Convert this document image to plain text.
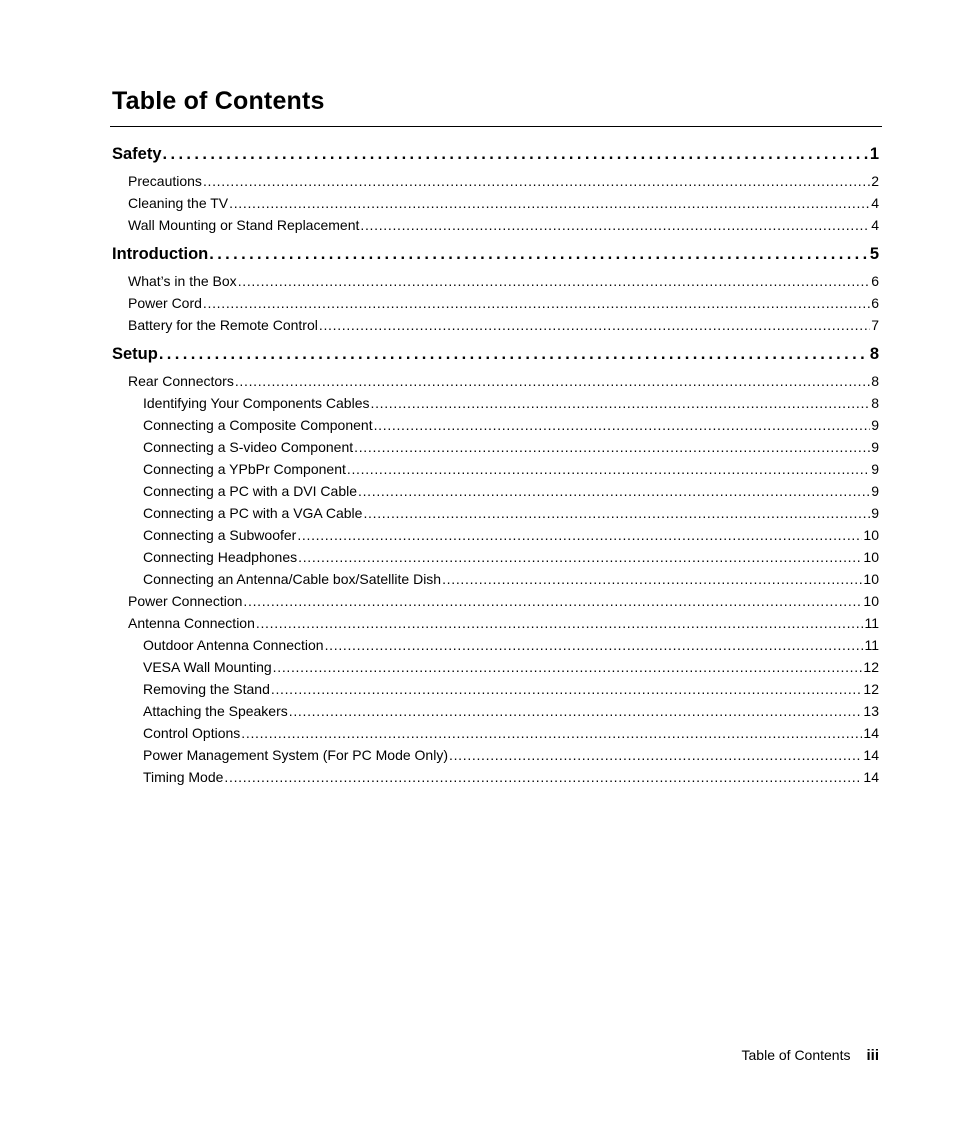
Table of Contents
Safety . . .	1
Precautions . . .	2
Cleaning the TV . . .	4
Wall Mounting or Stand Replacement . . .	4
Introduction . . .	5
What’s in the Box . . .	6
Power Cord . . .	6
Battery for the Remote Control . . .	7
Setup . . .	8
Rear Connectors . . .	8
Identifying Your Components Cables . . .	8
Connecting a Composite Component . . .	9
Connecting a S-video Component . . .	9
Connecting a YPbPr Component . . .	9
Connecting a PC with a DVI Cable . . .	9
Connecting a PC with a VGA Cable . . .	9
Connecting a Subwoofer . . .	10
Connecting Headphones . . .	10
Connecting an Antenna/Cable box/Satellite Dish . . .	10
Power Connection . . .	10
Antenna Connection . . .	11
Outdoor Antenna Connection . . .	11
VESA Wall Mounting . . .	12
Removing the Stand . . .	12
Attaching the Speakers . . .	13
Control Options . . .	14
Power Management System (For PC Mode Only) . . .	14
Timing Mode . . .	14
Table of Contents iii
